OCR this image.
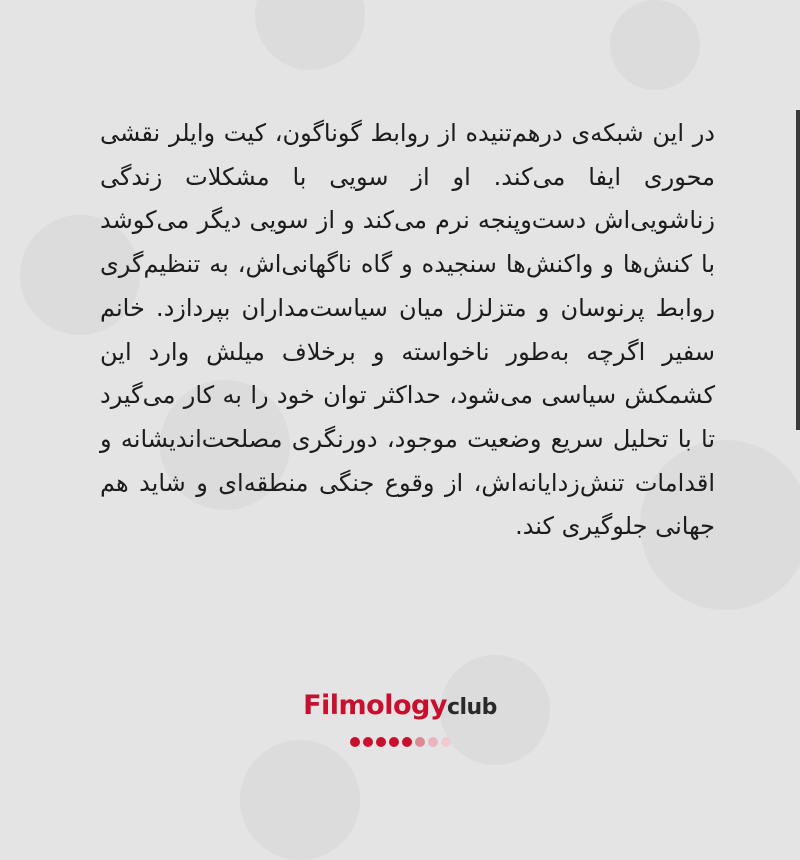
در این شبکه‌ی درهم‌تنیده از روابط گوناگون، کیت وایلر نقشی محوری ایفا می‌کند. او از سویی با مشکلات زندگی زناشویی‌اش دست‌وپنجه نرم می‌کند و از سویی دیگر می‌کوشد با کنش‌ها و واکنش‌ها سنجیده و گاه ناگهانی‌اش، به تنظیم‌گری روابط پرنوسان و متزلزل میان سیاست‌مداران بپردازد. خانم سفیر اگرچه به‌طور ناخواسته و برخلاف میلش وارد این کشمکش سیاسی می‌شود، حداکثر توان خود را به کار می‌گیرد تا با تحلیل سریع وضعیت موجود، دورنگری مصلحت‌اندیشانه و اقدامات تنش‌زدایانه‌اش، از وقوع جنگی منطقه‌ای و شاید هم جهانی جلوگیری کند.
Filmologyclub
